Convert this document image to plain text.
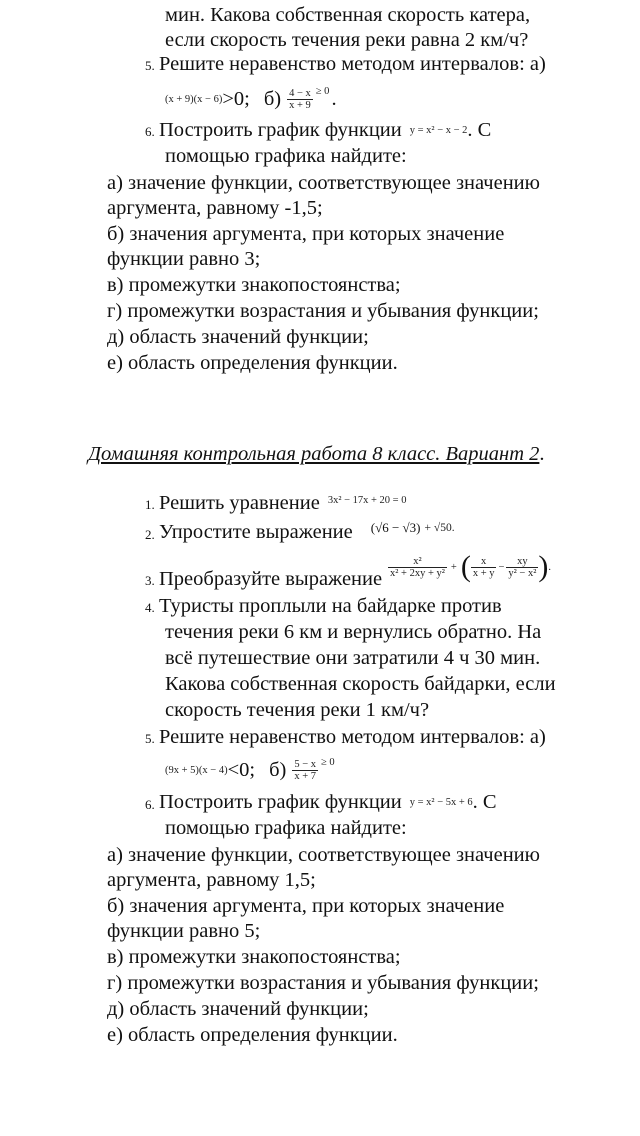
мин. Какова собственная скорость катера,
если скорость течения реки равна 2 км/ч?
5. Решите неравенство методом интервалов: а)
(x + 9)(x − 6) >0; $б) \frac{4 - x}{x + 9} \ge 0$ .
6. Построить график функции y = x² − x − 2 . С
помощью графика найдите:
а) значение функции, соответствующее значению
аргумента, равному -1,5;
б) значения аргумента, при которых значение
функции равно 3;
в) промежутки знакопостоянства;
г) промежутки возрастания и убывания функции;
д) область значений функции;
е) область определения функции.
Домашняя контрольная работа 8 класс. Вариант 2.
1. Решить уравнение 3x² − 17x + 20 = 0
2. Упростите выражение (√6 − √3) + √50.
3. Преобразуйте выражение
$\frac{\text{x²}}{\text{x² + 2xy + y²}}$ + ( $\frac{x}{x + y} - \frac{xy}{\text{y² − x²}}$ ) .
4. Туристы проплыли на байдарке против
течения реки 6 км и вернулись обратно. На
всё путешествие они затратили 4 ч 30 мин.
Какова собственная скорость байдарки, если
скорость течения реки 1 км/ч?
5. Решите неравенство методом интервалов: а)
(9x + 5)(x − 4) <0; $б) \frac{5 - x}{x + 7} \ge 0$
6. Построить график функции y = x² − 5x + 6 . С
помощью графика найдите:
а) значение функции, соответствующее значению
аргумента, равному 1,5;
б) значения аргумента, при которых значение
функции равно 5;
в) промежутки знакопостоянства;
г) промежутки возрастания и убывания функции;
д) область значений функции;
е) область определения функции.
